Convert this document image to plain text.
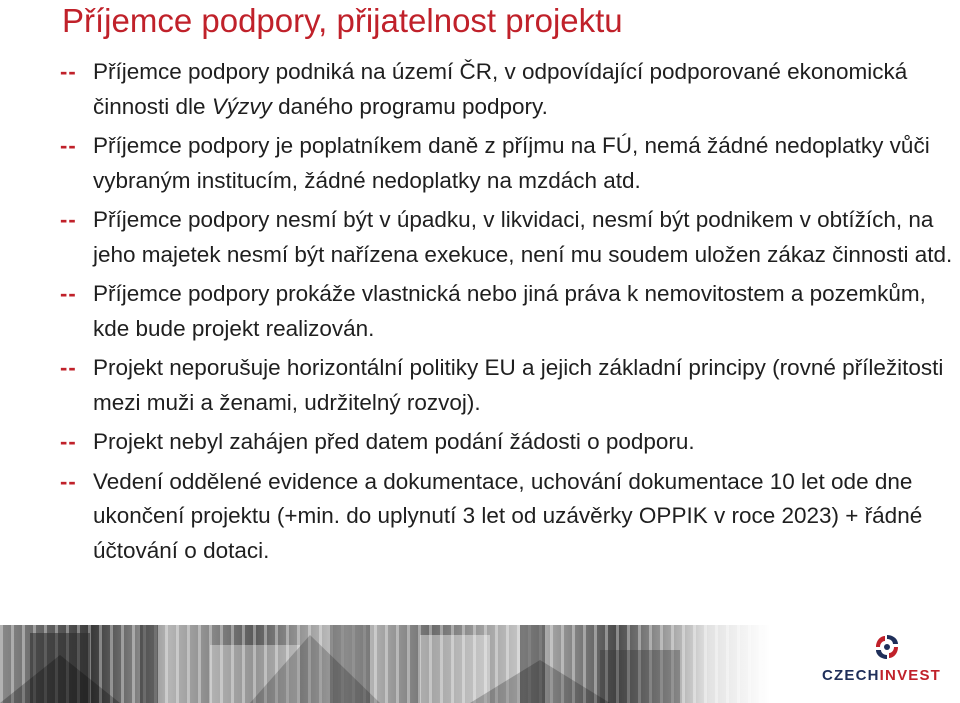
Příjemce podpory, přijatelnost projektu
-- Příjemce podpory podniká na území ČR, v odpovídající podporované ekonomická činnosti dle Výzvy daného programu podpory.
-- Příjemce podpory je poplatníkem daně z příjmu na FÚ, nemá žádné nedoplatky vůči vybraným institucím, žádné nedoplatky na mzdách atd.
-- Příjemce podpory nesmí být v úpadku, v likvidaci, nesmí být podnikem v obtížích, na jeho majetek nesmí být nařízena exekuce, není mu soudem uložen zákaz činnosti atd.
-- Příjemce podpory prokáže vlastnická nebo jiná práva k nemovitostem a pozemkům, kde bude projekt realizován.
-- Projekt neporušuje horizontální politiky EU a jejich základní principy (rovné příležitosti mezi muži a ženami, udržitelný rozvoj).
-- Projekt nebyl zahájen před datem podání žádosti o podporu.
-- Vedení oddělené evidence a dokumentace, uchování dokumentace 10 let ode dne ukončení projektu (+min. do uplynutí 3 let od uzávěrky OPPIK v roce 2023) + řádné účtování o dotaci.
CZECHINVEST
